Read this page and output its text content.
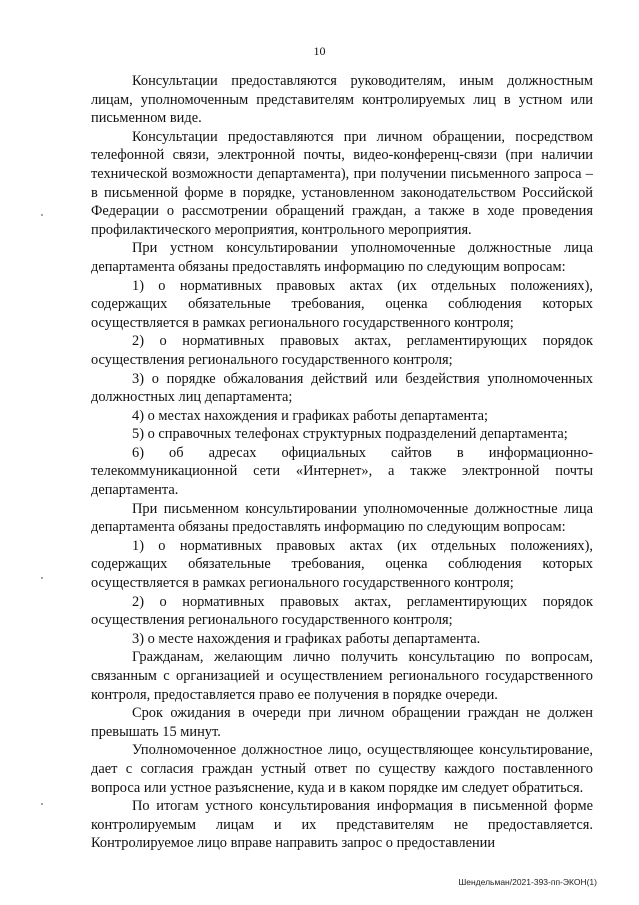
10

Консультации предоставляются руководителям, иным должностным лицам, уполномоченным представителям контролируемых лиц в устном или письменном виде.

Консультации предоставляются при личном обращении, посредством телефонной связи, электронной почты, видео-конференц-связи (при наличии технической возможности департамента), при получении письменного запроса – в письменной форме в порядке, установленном законодательством Российской Федерации о рассмотрении обращений граждан, а также в ходе проведения профилактического мероприятия, контрольного мероприятия.

При устном консультировании уполномоченные должностные лица департамента обязаны предоставлять информацию по следующим вопросам:

1) о нормативных правовых актах (их отдельных положениях), содержащих обязательные требования, оценка соблюдения которых осуществляется в рамках регионального государственного контроля;

2) о нормативных правовых актах, регламентирующих порядок осуществления регионального государственного контроля;

3) о порядке обжалования действий или бездействия уполномоченных должностных лиц департамента;

4) о местах нахождения и графиках работы департамента;

5) о справочных телефонах структурных подразделений департамента;

6) об адресах официальных сайтов в информационно-телекоммуникационной сети «Интернет», а также электронной почты департамента.

При письменном консультировании уполномоченные должностные лица департамента обязаны предоставлять информацию по следующим вопросам:

1) о нормативных правовых актах (их отдельных положениях), содержащих обязательные требования, оценка соблюдения которых осуществляется в рамках регионального государственного контроля;

2) о нормативных правовых актах, регламентирующих порядок осуществления регионального государственного контроля;

3) о месте нахождения и графиках работы департамента.

Гражданам, желающим лично получить консультацию по вопросам, связанным с организацией и осуществлением регионального государственного контроля, предоставляется право ее получения в порядке очереди.

Срок ожидания в очереди при личном обращении граждан не должен превышать 15 минут.

Уполномоченное должностное лицо, осуществляющее консультирование, дает с согласия граждан устный ответ по существу каждого поставленного вопроса или устное разъяснение, куда и в каком порядке им следует обратиться.

По итогам устного консультирования информация в письменной форме контролируемым лицам и их представителям не предоставляется. Контролируемое лицо вправе направить запрос о предоставлении

Шендельман/2021-393-пп-ЭКОН(1)
